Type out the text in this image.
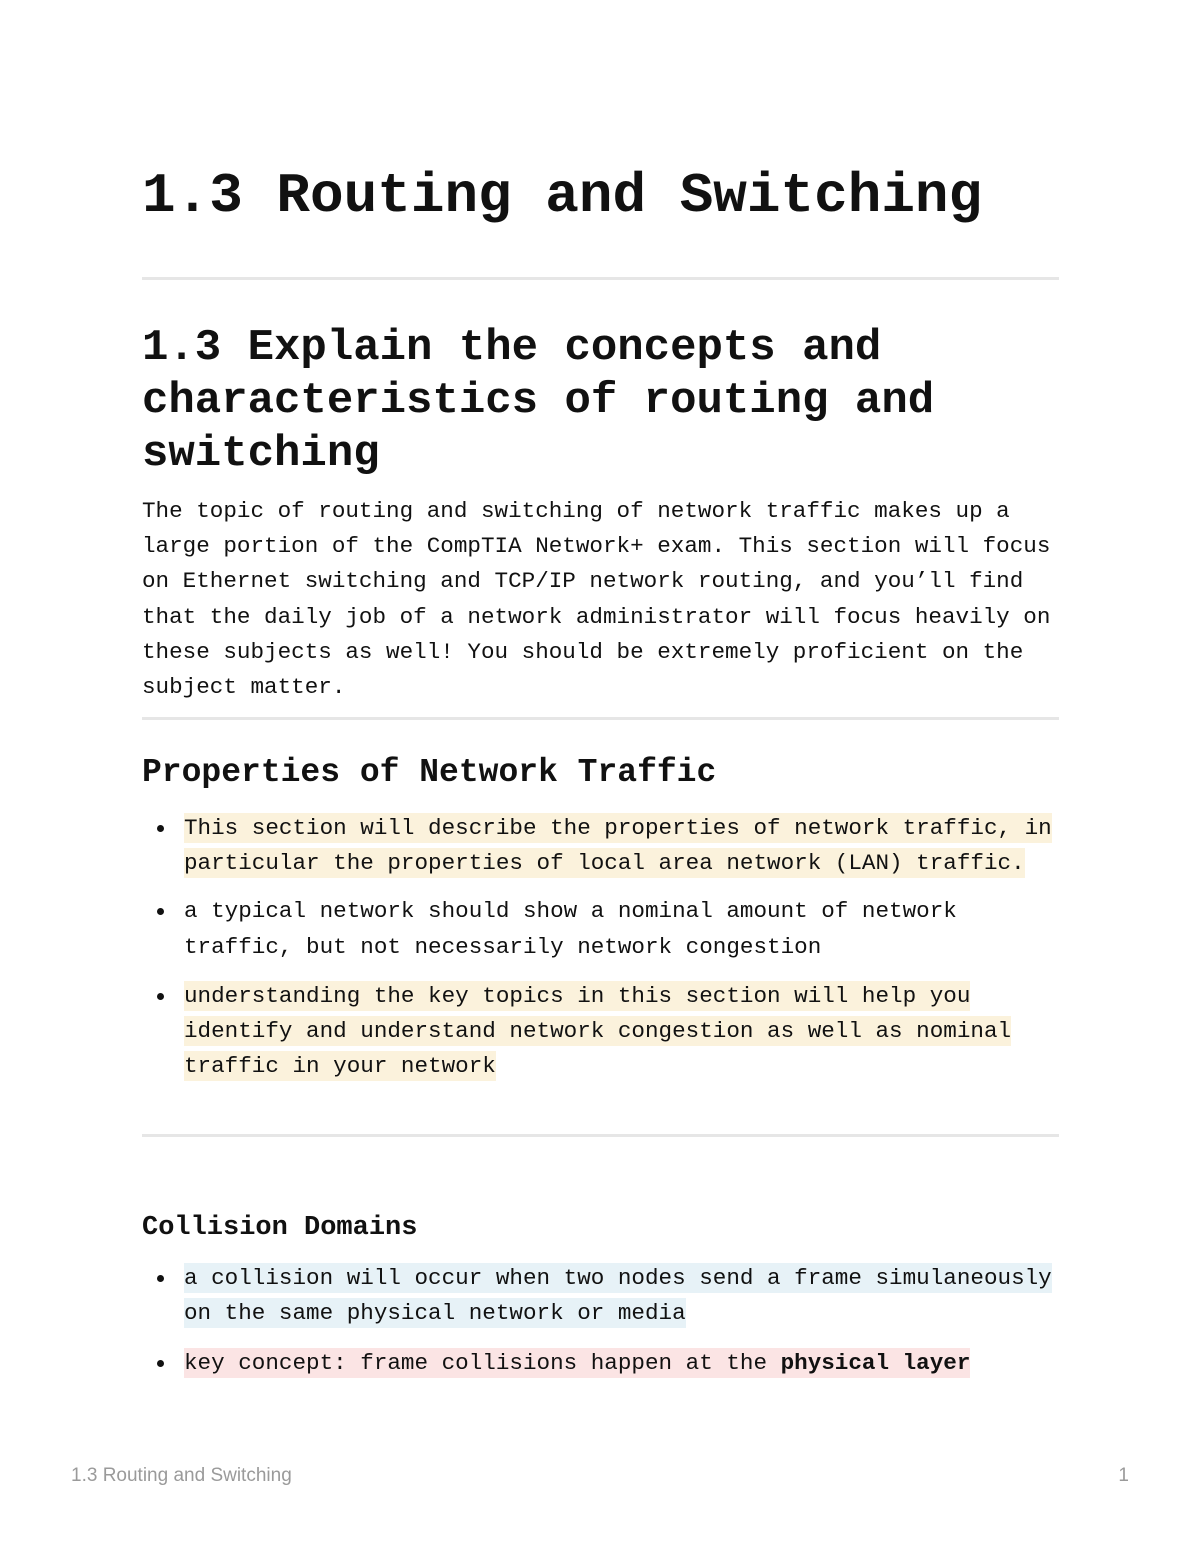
1.3 Routing and Switching
1.3 Explain the concepts and characteristics of routing and switching

The topic of routing and switching of network traffic makes up a large portion of the CompTIA Network+ exam. This section will focus on Ethernet switching and TCP/IP network routing, and you’ll find that the daily job of a network administrator will focus heavily on these subjects as well! You should be extremely proficient on the subject matter.

Properties of Network Traffic
This section will describe the properties of network traffic, in particular the properties of local area network (LAN) traffic.
a typical network should show a nominal amount of network traffic, but not necessarily network congestion
understanding the key topics in this section will help you identify and understand network congestion as well as nominal traffic in your network
Collision Domains
a collision will occur when two nodes send a frame simulaneously on the same physical network or media
key concept: frame collisions happen at the physical layer
1.3 Routing and Switching	1
